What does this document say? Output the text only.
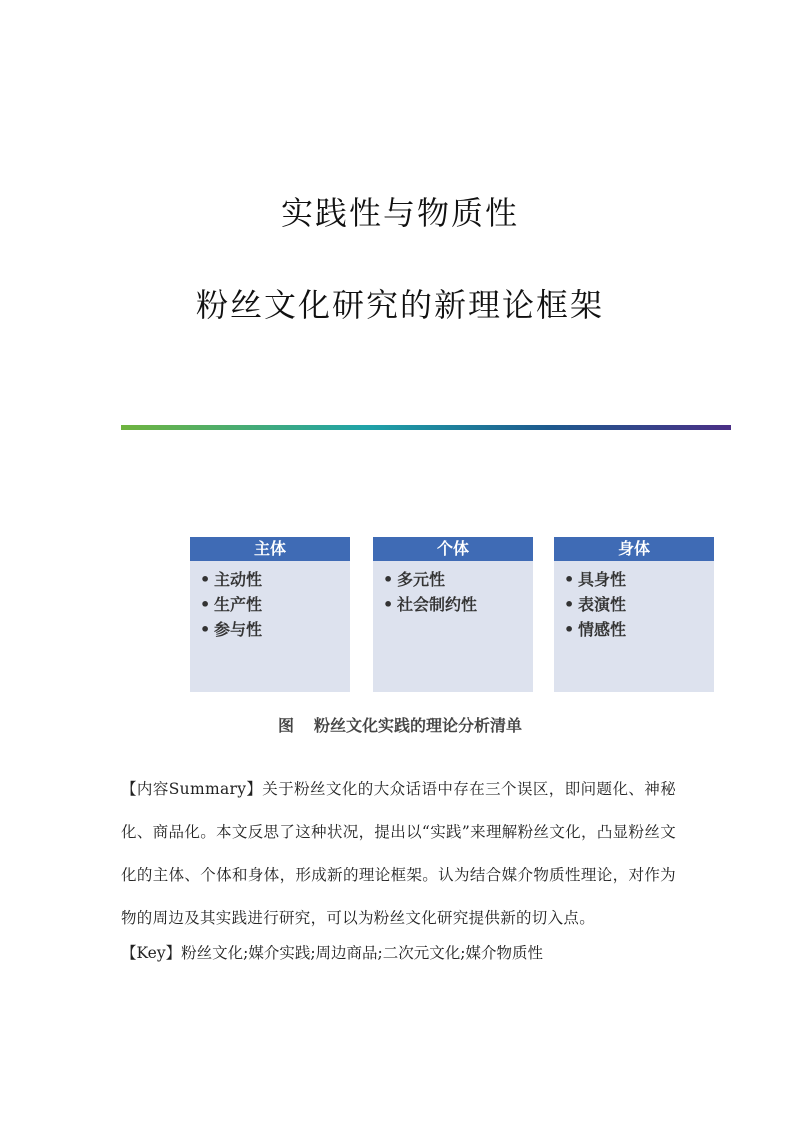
实践性与物质性
粉丝文化研究的新理论框架
主体
• 主动性
• 生产性
• 参与性
个体
• 多元性
• 社会制约性
身体
• 具身性
• 表演性
• 情感性
图 粉丝文化实践的理论分析清单
【内容Summary】关于粉丝文化的大众话语中存在三个误区，即问题化、神秘化、商品化。本文反思了这种状况，提出以“实践”来理解粉丝文化，凸显粉丝文化的主体、个体和身体，形成新的理论框架。认为结合媒介物质性理论，对作为物的周边及其实践进行研究，可以为粉丝文化研究提供新的切入点。
【Key】粉丝文化;媒介实践;周边商品;二次元文化;媒介物质性
